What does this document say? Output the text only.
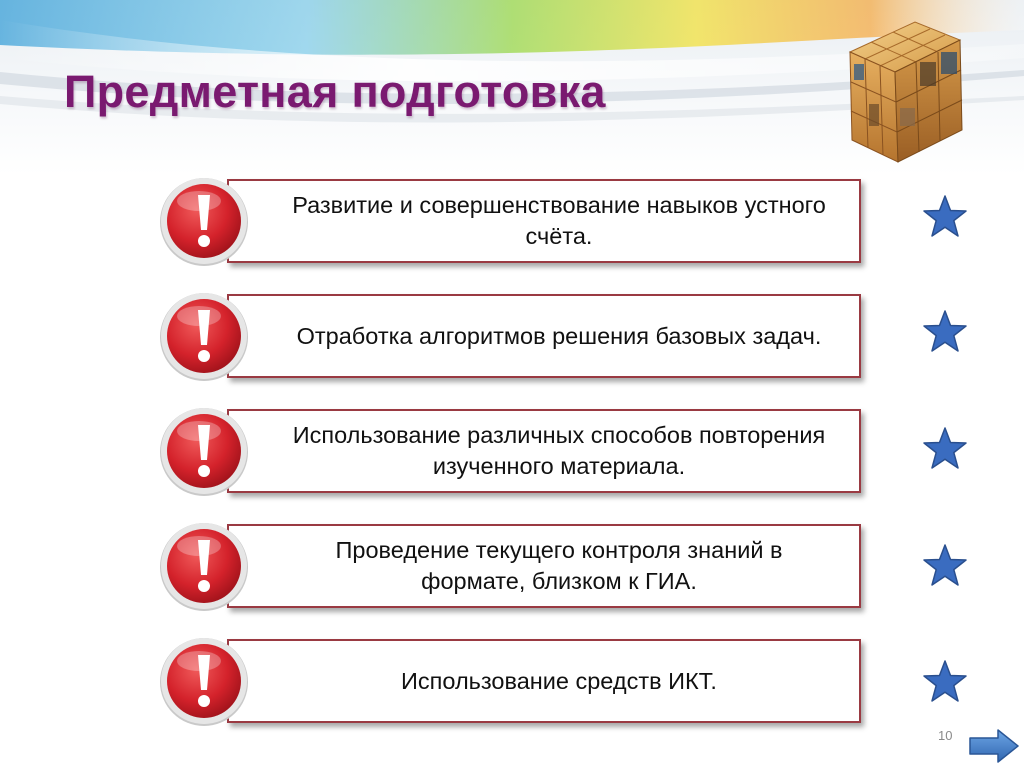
Предметная подготовка
Развитие и совершенствование навыков устного счёта.
Отработка алгоритмов решения базовых задач.
Использование различных способов повторения изученного материала.
Проведение текущего контроля знаний в формате, близком к ГИА.
Использование средств ИКТ.
10
